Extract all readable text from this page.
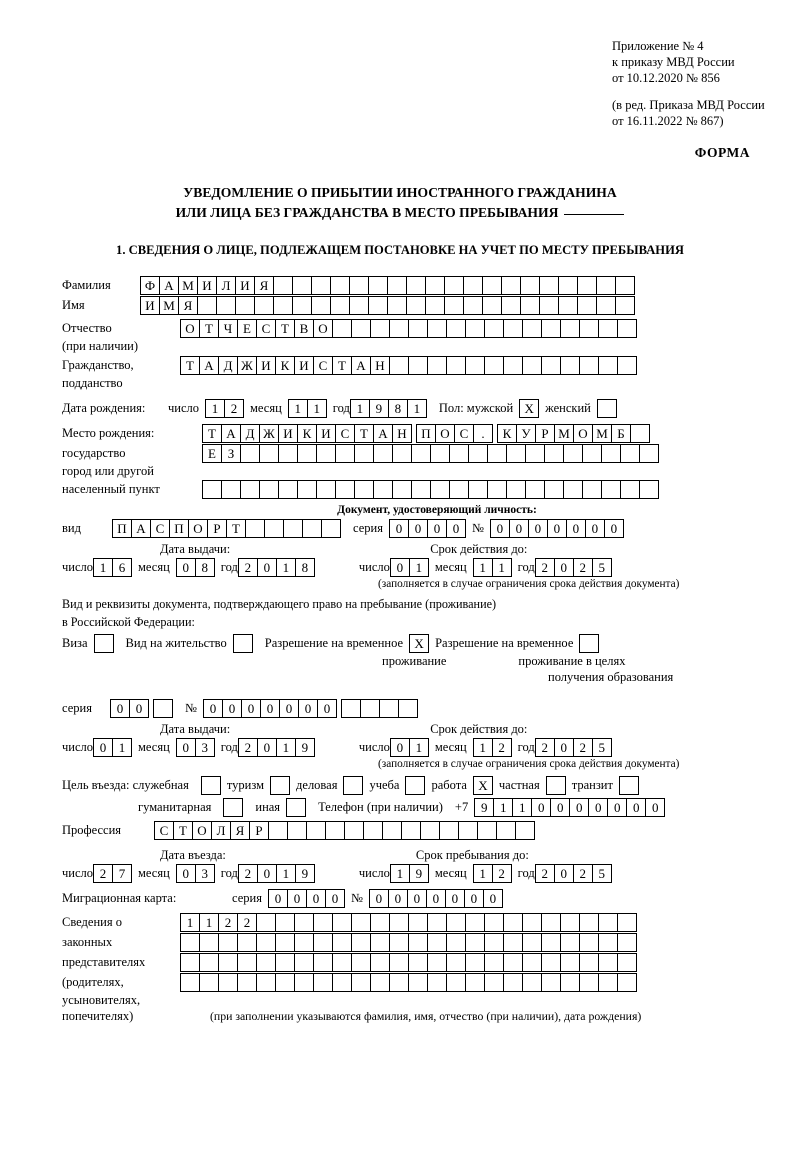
Приложение № 4
к приказу МВД России
от 10.12.2020 № 856
(в ред. Приказа МВД России
от 16.11.2022 № 867)
ФОРМА
УВЕДОМЛЕНИЕ О ПРИБЫТИИ ИНОСТРАННОГО ГРАЖДАНИНА
ИЛИ ЛИЦА БЕЗ ГРАЖДАНСТВА В МЕСТО ПРЕБЫВАНИЯ
1. СВЕДЕНИЯ О ЛИЦЕ, ПОДЛЕЖАЩЕМ ПОСТАНОВКЕ НА УЧЕТ ПО МЕСТУ ПРЕБЫВАНИЯ
Фамилия	Ф А М И Л И Я
Имя	И М Я
Отчество	О Т Ч Е С Т В О
(при наличии)
Гражданство,	Т А Д Ж И К И С Т А Н
подданство
Дата рождения:	число 1 2	месяц 1 1	год 1 9 8 1	Пол: мужской X женский
Место рождения:	Т А Д Ж И К И С Т А Н	П О С	.	К У Р М О М Б
государство	Е З
город или другой
населенный пункт
Документ, удостоверяющий личность:
вид	П А С П О Р Т	серия 0 0 0 0	№ 0 0 0 0 0 0 0
Дата выдачи:	Срок действия до:
число 1 6	месяц 0 8	год 2 0 1 8	число 0 1	месяц 1 1	год 2 0 2 5
(заполняется в случае ограничения срока действия документа)
Вид и реквизиты документа, подтверждающего право на пребывание (проживание)
в Российской Федерации:
Виза	Вид на жительство	Разрешение на временное X Разрешение на временное
проживание	проживание в целях
получения образования
серия	0 0	№ 0 0 0 0 0 0 0
Дата выдачи:	Срок действия до:
число 0 1	месяц 0 3	год 2 0 1 9	число 0 1	месяц 1 2	год 2 0 2 5
(заполняется в случае ограничения срока действия документа)
Цель въезда: служебная	туризм	деловая	учеба	работа X частная	транзит
гуманитарная	иная	Телефон (при наличии) +7 9 1 1 0 0 0 0 0 0 0
Профессия	С Т О Л Я Р
Дата въезда:	Срок пребывания до:
число 2 7	месяц 0 3	год 2 0 1 9	число 1 9	месяц 1 2	год 2 0 2 5
Миграционная карта:	серия 0 0 0 0	№ 0 0 0 0 0 0 0
Сведения о	1 1 2 2
законных
представителях
(родителях,
усыновителях,
попечителях)	(при заполнении указываются фамилия, имя, отчество (при наличии), дата рождения)
